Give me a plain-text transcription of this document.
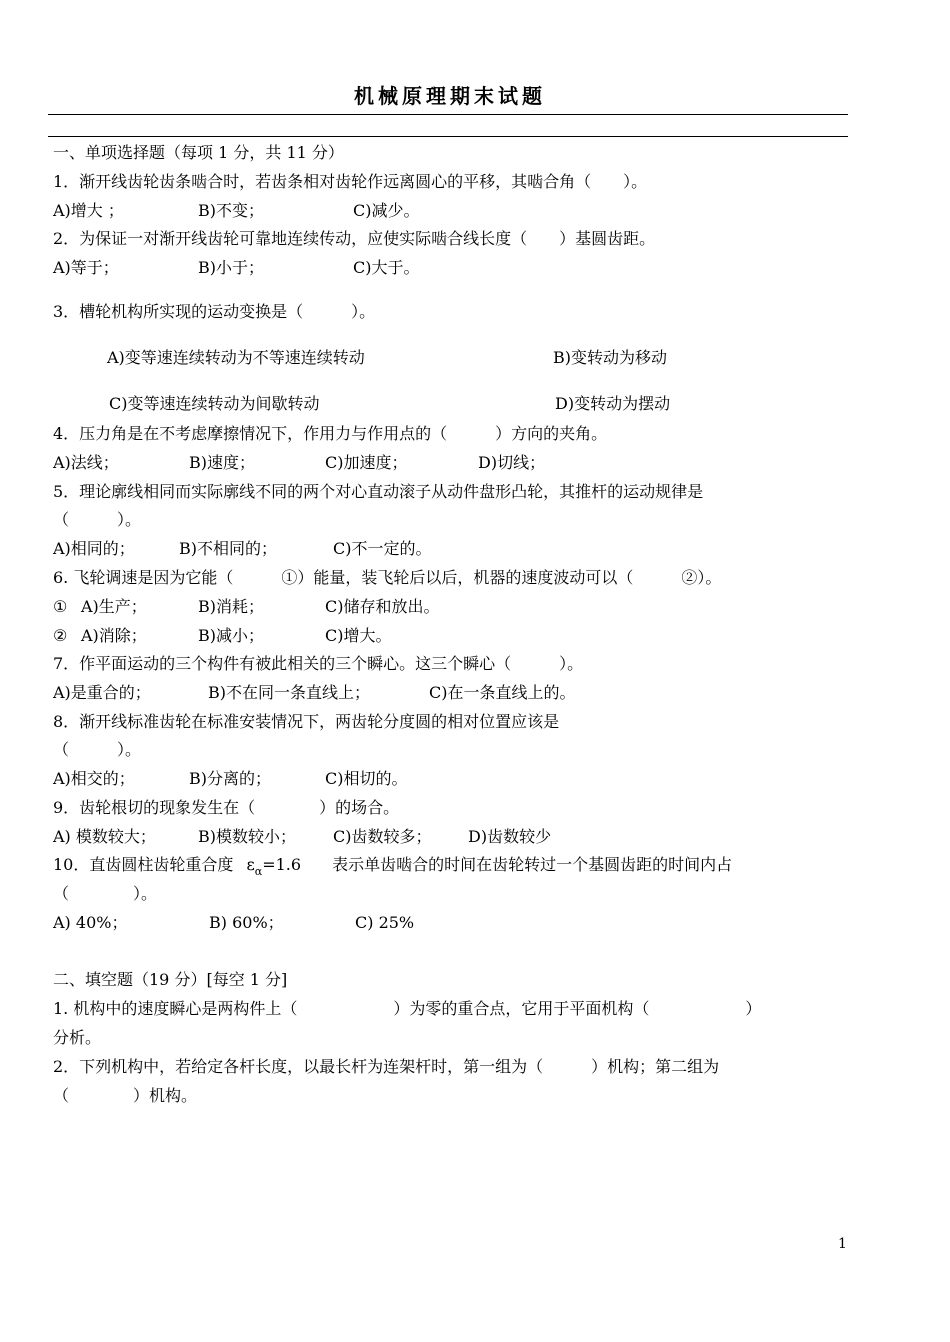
机械原理期末试题
一、单项选择题（每项 1 分，共 11 分）
1．渐开线齿轮齿条啮合时，若齿条相对齿轮作远离圆心的平移，其啮合角（　　）。
A)增大 ；	B)不变；	C)减少。
2．为保证一对渐开线齿轮可靠地连续传动，应使实际啮合线长度（　　）基圆齿距。
A)等于；	B)小于；	C)大于。
3．槽轮机构所实现的运动变换是（　　　）。
A)变等速连续转动为不等速连续转动	B)变转动为移动
C)变等速连续转动为间歇转动	D)变转动为摆动
4．压力角是在不考虑摩擦情况下，作用力与作用点的（　　　）方向的夹角。
A)法线；	B)速度；	C)加速度；	D)切线；
5．理论廓线相同而实际廓线不同的两个对心直动滚子从动件盘形凸轮，其推杆的运动规律是
（　　　）。
A)相同的；	B)不相同的；	C)不一定的。
6. 飞轮调速是因为它能（　　　①）能量，装飞轮后以后，机器的速度波动可以（　　　②）。
① A)生产；	B)消耗；	C)储存和放出。
② A)消除；	B)减小；	C)增大。
7．作平面运动的三个构件有被此相关的三个瞬心。这三个瞬心（　　　）。
A)是重合的；	B)不在同一条直线上；	C)在一条直线上的。
8．渐开线标准齿轮在标准安装情况下，两齿轮分度圆的相对位置应该是
（　　　）。
A)相交的；	B)分离的；	C)相切的。
9．齿轮根切的现象发生在（　　　　）的场合。
A) 模数较大；	B)模数较小； C)齿数较多； D)齿数较少
10．直齿圆柱齿轮重合度 $\varepsilon_\alpha=1.6$ 表示单齿啮合的时间在齿轮转过一个基圆齿距的时间内占
（　　　　）。
A) 40%；	B) 60%；	C) 25%
二、填空题（19 分）[每空 1 分]
1. 机构中的速度瞬心是两构件上（　　　　　　）为零的重合点，它用于平面机构（　　　　　　）
分析。
2．下列机构中，若给定各杆长度，以最长杆为连架杆时，第一组为（　　　）机构；第二组为
（　　　　）机构。
1
